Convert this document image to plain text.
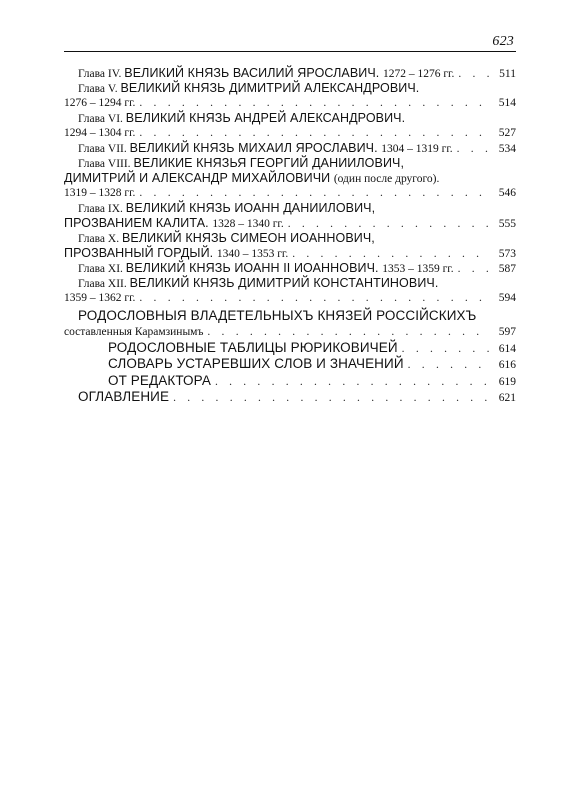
623
Глава IV. ВЕЛИКИЙ КНЯЗЬ ВАСИЛИЙ ЯРОСЛАВИЧ. 1272 – 1276 гг. . . .	511
Глава V. ВЕЛИКИЙ КНЯЗЬ ДИМИТРИЙ АЛЕКСАНДРОВИЧ.
1276 – 1294 гг. . . .	514
Глава VI. ВЕЛИКИЙ КНЯЗЬ АНДРЕЙ АЛЕКСАНДРОВИЧ.
1294 – 1304 гг. . . .	527
Глава VII. ВЕЛИКИЙ КНЯЗЬ МИХАИЛ ЯРОСЛАВИЧ. 1304 – 1319 гг. . . .	534
Глава VIII. ВЕЛИКИЕ КНЯЗЬЯ ГЕОРГИЙ ДАНИИЛОВИЧ,
ДИМИТРИЙ И АЛЕКСАНДР МИХАЙЛОВИЧИ (один после другого).
1319 – 1328 гг. . . .	546
Глава IX. ВЕЛИКИЙ КНЯЗЬ ИОАНН ДАНИИЛОВИЧ,
ПРОЗВАНИЕМ КАЛИТА. 1328 – 1340 гг. . . .	555
Глава X. ВЕЛИКИЙ КНЯЗЬ СИМЕОН ИОАННОВИЧ,
ПРОЗВАННЫЙ ГОРДЫЙ. 1340 – 1353 гг. . . .	573
Глава XI. ВЕЛИКИЙ КНЯЗЬ ИОАНН II ИОАННОВИЧ. 1353 – 1359 гг. . . .	587
Глава XII. ВЕЛИКИЙ КНЯЗЬ ДИМИТРИЙ КОНСТАНТИНОВИЧ.
1359 – 1362 гг. . . .	594
РОДОСЛОВНЫЯ ВЛАДЕТЕЛЬНЫХЪ КНЯЗЕЙ РОССІЙСКИХЪ
составленныя Карамзинымъ . . .	597
РОДОСЛОВНЫЕ ТАБЛИЦЫ РЮРИКОВИЧЕЙ . . .	614
СЛОВАРЬ УСТАРЕВШИХ СЛОВ И ЗНАЧЕНИЙ . . .	616
ОТ РЕДАКТОРА . . .	619
ОГЛАВЛЕНИЕ . . .	621
